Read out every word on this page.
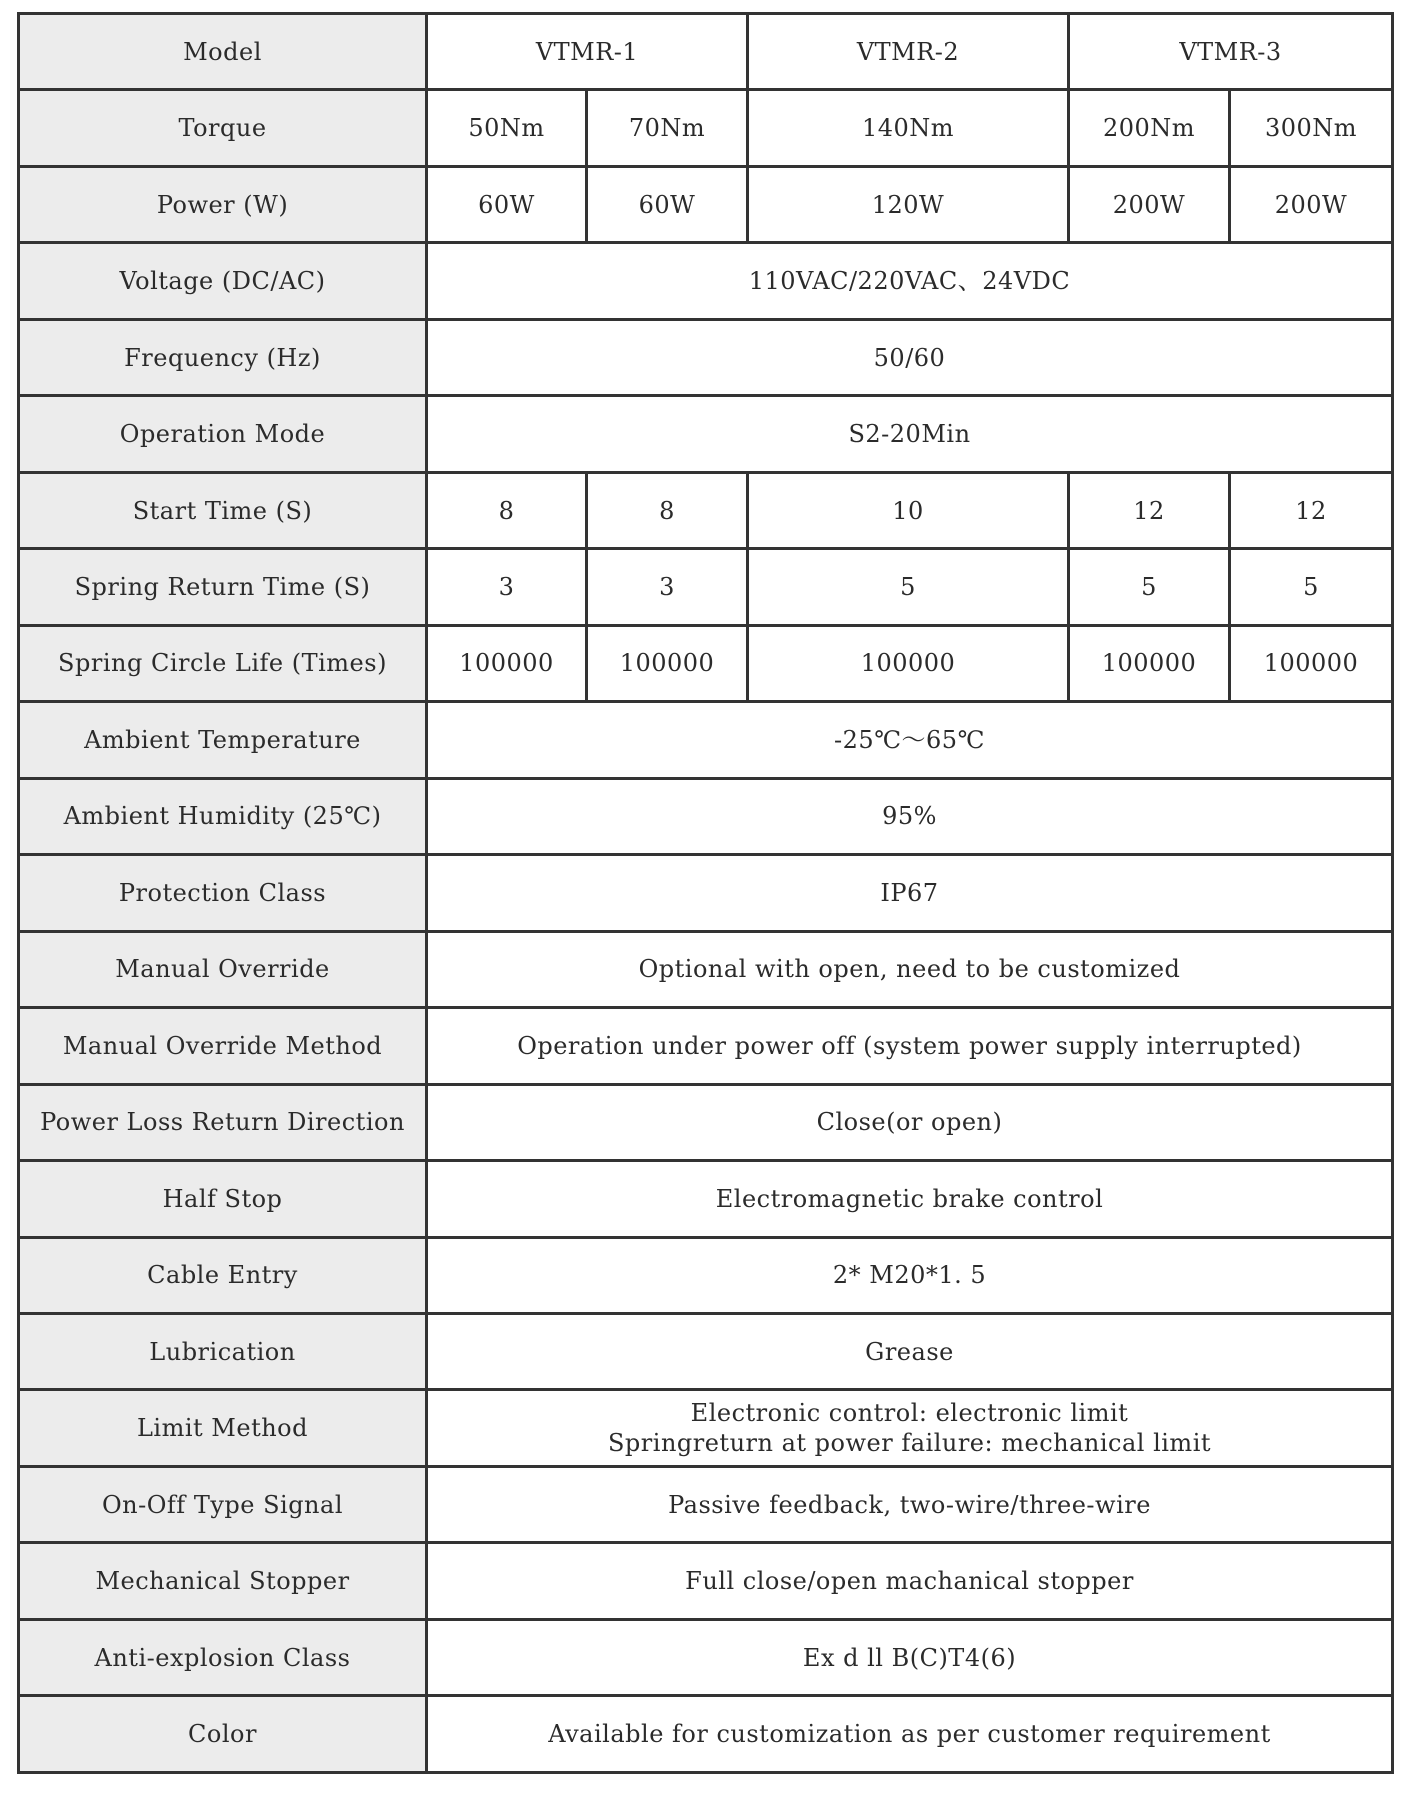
Model	VTMR-1		VTMR-2	VTMR-3	
Torque	50Nm	70Nm	140Nm	200Nm	300Nm
Power (W)	60W	60W	120W	200W	200W
Voltage (DC/AC)	110VAC/220VAC、24VDC				
Frequency (Hz)	50/60				
Operation Mode	S2-20Min				
Start Time (S)	8	8	10	12	12
Spring Return Time (S)	3	3	5	5	5
Spring Circle Life (Times)	100000	100000	100000	100000	100000
Ambient Temperature	-25℃～65℃				
Ambient Humidity (25℃)	95%				
Protection Class	IP67				
Manual Override	Optional with open, need to be customized				
Manual Override Method	Operation under power off (system power supply interrupted)				
Power Loss Return Direction	Close(or open)				
Half Stop	Electromagnetic brake control				
Cable Entry	2* M20*1. 5				
Lubrication	Grease				
Limit Method	Electronic control: electronic limit
Springreturn at power failure: mechanical limit				

On-Off Type Signal	Passive feedback, two-wire/three-wire				
Mechanical Stopper	Full close/open machanical stopper				
Anti-explosion Class	Ex d ll B(C)T4(6)				
Color	Available for customization as per customer requirement				
